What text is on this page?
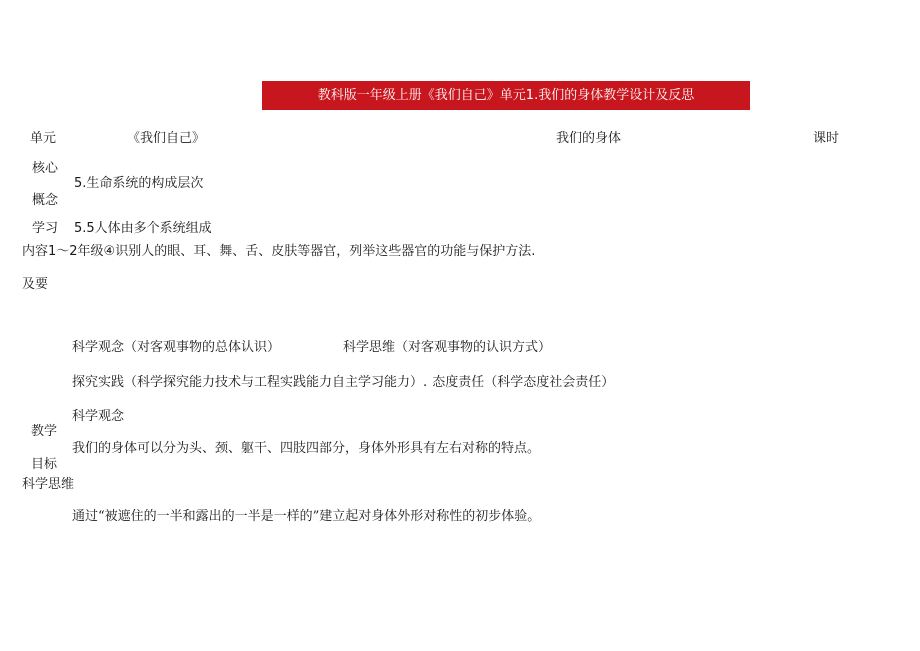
教科版一年级上册《我们自己》单元1.我们的身体教学设计及反思
单元	《我们自己》	我们的身体	课时
核心
5.生命系统的构成层次
概念
学习 5.5人体由多个系统组成
内容1～2年级④识别人的眼、耳、舞、舌、皮肤等器官，列举这些器官的功能与保护方法.
及要
科学观念（对客观事物的总体认识）	科学思维（对客观事物的认识方式）
探究实践（科学探究能力技术与工程实践能力自主学习能力）. 态度责任（科学态度社会责任）
科学观念
教学
我们的身体可以分为头、颈、躯干、四肢四部分，身体外形具有左右对称的特点。
目标
科学思维
通过“被遮住的一半和露出的一半是一样的”建立起对身体外形对称性的初步体验。
